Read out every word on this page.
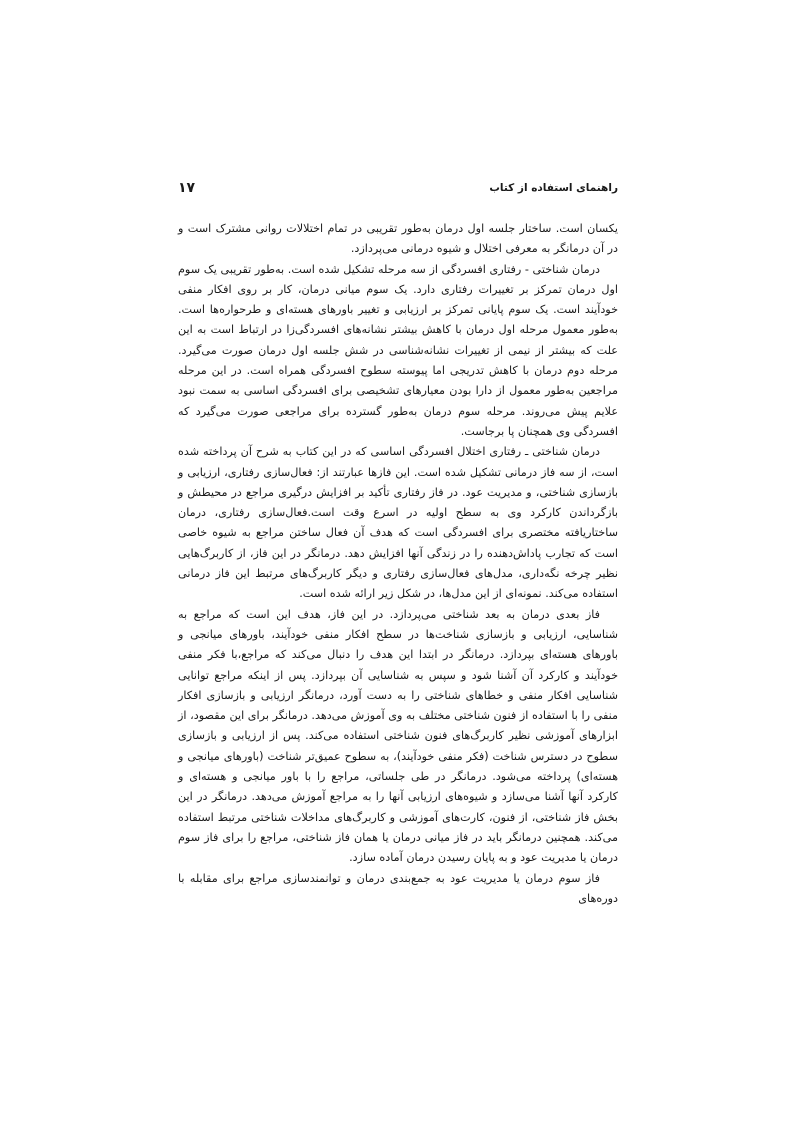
راهنمای استفاده از کتاب
۱۷

یکسان است. ساختار جلسه اول درمان به‌طور تقریبی در تمام اختلالات روانی مشترک است و در آن درمانگر به معرفی اختلال و شیوه درمانی می‌پردازد.

درمان شناختی - رفتاری افسردگی از سه مرحله تشکیل شده است. به‌طور تقریبی یک سوم اول درمان تمرکز بر تغییرات رفتاری دارد. یک سوم میانی درمان، کار بر روی افکار منفی خودآیند است. یک سوم پایانی تمرکز بر ارزیابی و تغییر باورهای هسته‌ای و طرحواره‌ها است. به‌طور معمول مرحله اول درمان با کاهش بیشتر نشانه‌های افسردگی‌زا در ارتباط است به این علت که بیشتر از نیمی از تغییرات نشانه‌شناسی در شش جلسه اول درمان صورت می‌گیرد. مرحله دوم درمان با کاهش تدریجی اما پیوسته سطوح افسردگی همراه است. در این مرحله مراجعین به‌طور معمول از دارا بودن معیارهای تشخیصی برای افسردگی اساسی به سمت نبود علایم پیش می‌روند. مرحله سوم درمان به‌طور گسترده برای مراجعی صورت می‌گیرد که افسردگی وی همچنان پا برجاست.

درمان شناختی ـ رفتاری اختلال افسردگی اساسی که در این کتاب به شرح آن پرداخته شده است، از سه فاز درمانی تشکیل شده است. این فازها عبارتند از: فعال‌سازی رفتاری، ارزیابی و بازسازی شناختی، و مدیریت عود. در فاز رفتاری تأکید بر افزایش درگیری مراجع در محیطش و بازگرداندن کارکرد وی به سطح اولیه در اسرع وقت است.فعال‌سازی رفتاری، درمان ساختاریافته مختصری برای افسردگی است که هدف آن فعال ساختن مراجع به شیوه خاصی است که تجارب پاداش‌دهنده را در زندگی آنها افزایش دهد. درمانگر در این فاز، از کاربرگ‌هایی نظیر چرخه نگه‌داری، مدل‌های فعال‌سازی رفتاری و دیگر کاربرگ‌های مرتبط این فاز درمانی استفاده می‌کند. نمونه‌ای از این مدل‌ها، در شکل زیر ارائه شده است.

فاز بعدی درمان به بعد شناختی می‌پردازد. در این فاز، هدف این است که مراجع به شناسایی، ارزیابی و بازسازی شناخت‌ها در سطح افکار منفی خودآیند، باورهای میانجی و باورهای هسته‌ای بپردازد. درمانگر در ابتدا این هدف را دنبال می‌کند که مراجع،با فکر منفی خودآیند و کارکرد آن آشنا شود و سپس به شناسایی آن بپردازد. پس از اینکه مراجع توانایی شناسایی افکار منفی و خطاهای شناختی را به دست آورد، درمانگر ارزیابی و بازسازی افکار منفی را با استفاده از فنون شناختی مختلف به وی آموزش می‌دهد. درمانگر برای این مقصود، از ابزارهای آموزشی نظیر کاربرگ‌های فنون شناختی استفاده می‌کند. پس از ارزیابی و بازسازی سطوح در دسترس شناخت (فکر منفی خودآیند)، به سطوح عمیق‌تر شناخت (باورهای میانجی و هسته‌ای) پرداخته می‌شود. درمانگر در طی جلساتی، مراجع را با باور میانجی و هسته‌ای و کارکرد آنها آشنا می‌سازد و شیوه‌های ارزیابی آنها را به مراجع آموزش می‌دهد. درمانگر در این بخش فاز شناختی، از فنون، کارت‌های آموزشی و کاربرگ‌های مداخلات شناختی مرتبط استفاده می‌کند. همچنین درمانگر باید در فاز میانی درمان یا همان فاز شناختی، مراجع را برای فاز سوم درمان یا مدیریت عود و به پایان رسیدن درمان آماده سازد.

فاز سوم درمان یا مدیریت عود به جمع‌بندی درمان و توانمندسازی مراجع برای مقابله با دوره‌های
